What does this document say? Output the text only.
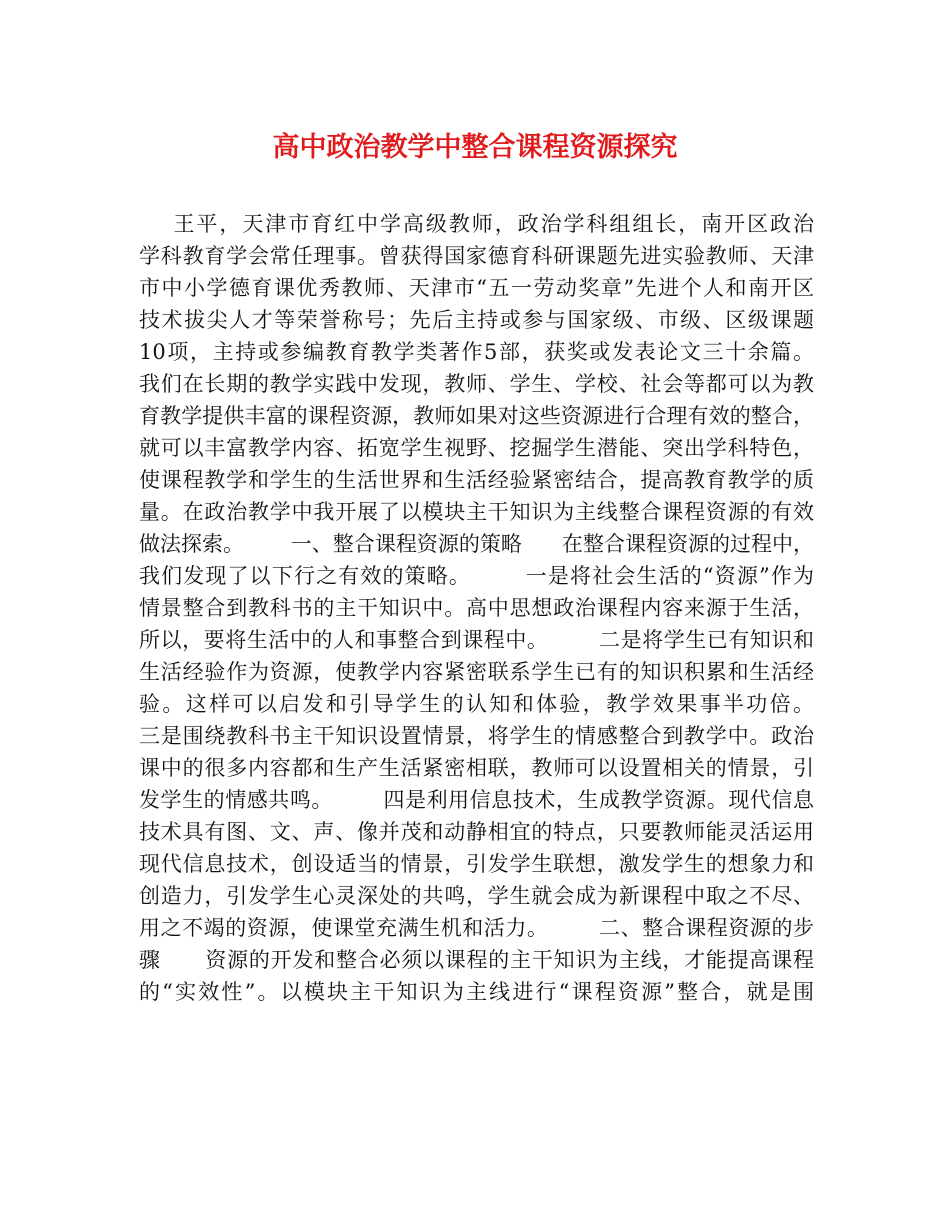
高中政治教学中整合课程资源探究
王平，天津市育红中学高级教师，政治学科组组长，南开区政治
学科教育学会常任理事。曾获得国家德育科研课题先进实验教师、天津
市中小学德育课优秀教师、天津市“五一劳动奖章”先进个人和南开区
技术拔尖人才等荣誉称号；先后主持或参与国家级、市级、区级课题
10项，主持或参编教育教学类著作5部，获奖或发表论文三十余篇。
我们在长期的教学实践中发现，教师、学生、学校、社会等都可以为教
育教学提供丰富的课程资源，教师如果对这些资源进行合理有效的整合，
就可以丰富教学内容、拓宽学生视野、挖掘学生潜能、突出学科特色，
使课程教学和学生的生活世界和生活经验紧密结合，提高教育教学的质
量。在政治教学中我开展了以模块主干知识为主线整合课程资源的有效
做法探索。       一、整合课程资源的策略      在整合课程资源的过程中，
我们发现了以下行之有效的策略。       一是将社会生活的“资源”作为
情景整合到教科书的主干知识中。高中思想政治课程内容来源于生活，
所以，要将生活中的人和事整合到课程中。       二是将学生已有知识和
生活经验作为资源，使教学内容紧密联系学生已有的知识积累和生活经
验。这样可以启发和引导学生的认知和体验，教学效果事半功倍。
三是围绕教科书主干知识设置情景，将学生的情感整合到教学中。政治
课中的很多内容都和生产生活紧密相联，教师可以设置相关的情景，引
发学生的情感共鸣。       四是利用信息技术，生成教学资源。现代信息
技术具有图、文、声、像并茂和动静相宜的特点，只要教师能灵活运用
现代信息技术，创设适当的情景，引发学生联想，激发学生的想象力和
创造力，引发学生心灵深处的共鸣，学生就会成为新课程中取之不尽、
用之不竭的资源，使课堂充满生机和活力。       二、整合课程资源的步
骤      资源的开发和整合必须以课程的主干知识为主线，才能提高课程
的“实效性”。以模块主干知识为主线进行“课程资源”整合，就是围
